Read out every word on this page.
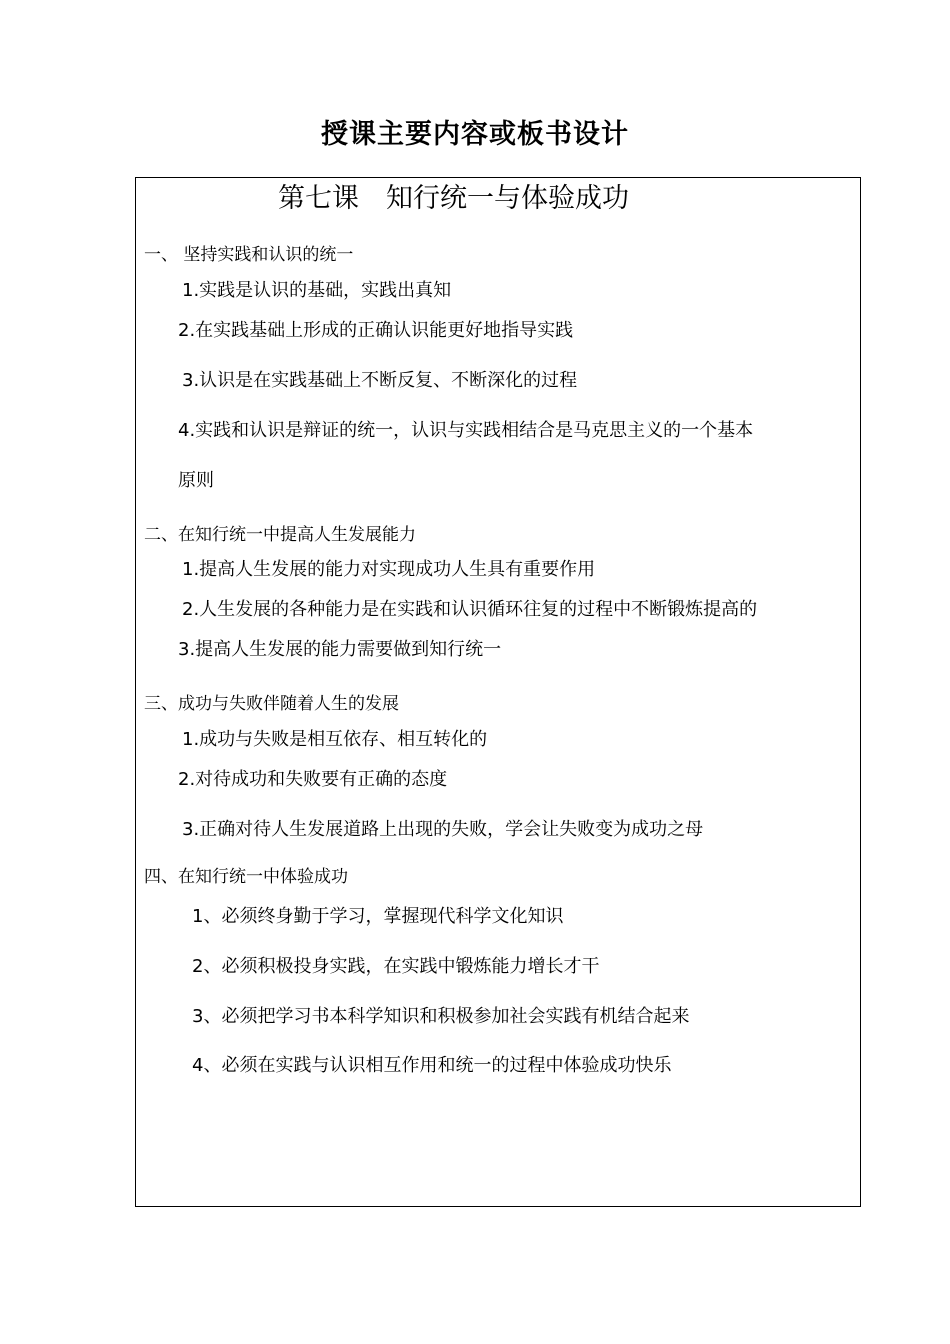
授课主要内容或板书设计
第七课　知行统一与体验成功
一、 坚持实践和认识的统一
1.实践是认识的基础，实践出真知
2.在实践基础上形成的正确认识能更好地指导实践
3.认识是在实践基础上不断反复、不断深化的过程
4.实践和认识是辩证的统一，认识与实践相结合是马克思主义的一个基本
原则
二、在知行统一中提高人生发展能力
1.提高人生发展的能力对实现成功人生具有重要作用
2.人生发展的各种能力是在实践和认识循环往复的过程中不断锻炼提高的
3.提高人生发展的能力需要做到知行统一
三、成功与失败伴随着人生的发展
1.成功与失败是相互依存、相互转化的
2.对待成功和失败要有正确的态度
3.正确对待人生发展道路上出现的失败，学会让失败变为成功之母
四、在知行统一中体验成功
1、必须终身勤于学习，掌握现代科学文化知识
2、必须积极投身实践，在实践中锻炼能力增长才干
3、必须把学习书本科学知识和积极参加社会实践有机结合起来
4、必须在实践与认识相互作用和统一的过程中体验成功快乐
